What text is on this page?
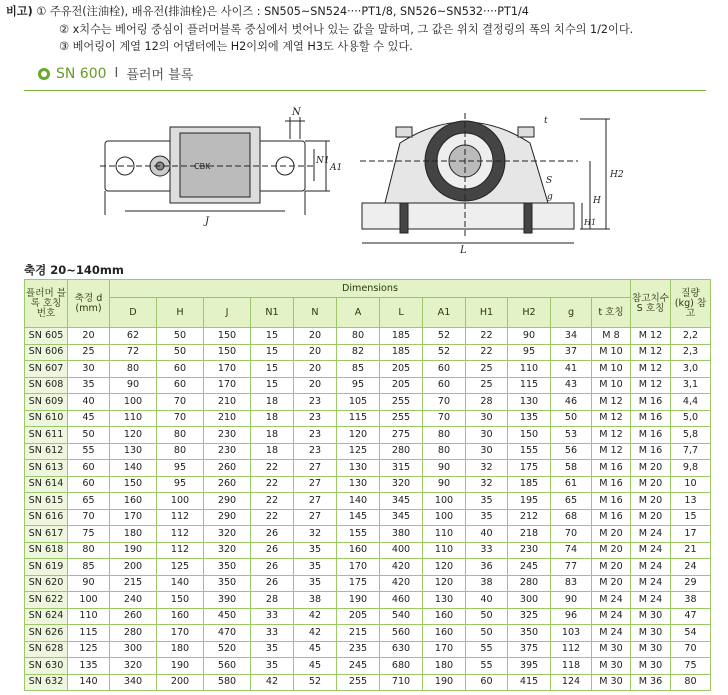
비고) ① 주유전(注油栓), 배유전(排油栓)은 사이즈 : SN505~SN524····PT1/8, SN526~SN532····PT1/4
② x치수는 베어링 중심이 플러머블록 중심에서 벗어나 있는 값을 말하며, 그 값은 위치 결정링의 폭의 치수의 1/2이다.
③ 베어링이 계열 12의 어댑터에는 H2이외에 계열 H3도 사용할 수 있다.
SN 600 I 플러머 블록
CBK
N
N1
A1
J
t
S
H2
H
H1
g
L
축경 20~140mm
플러머 블록 호칭 번호	축경 d (mm)	Dimensions												참고치수 S 호칭	질량 (kg) 참고
		D	H	J	N1	N	A	L	A1	H1	H2	g	t 호칭		
SN 605	20	62	50	150	15	20	80	185	52	22	90	34	M 8	M 12	2,2
SN 606	25	72	50	150	15	20	82	185	52	22	95	37	M 10	M 12	2,3
SN 607	30	80	60	170	15	20	85	205	60	25	110	41	M 10	M 12	3,0
SN 608	35	90	60	170	15	20	95	205	60	25	115	43	M 10	M 12	3,1
SN 609	40	100	70	210	18	23	105	255	70	28	130	46	M 12	M 16	4,4
SN 610	45	110	70	210	18	23	115	255	70	30	135	50	M 12	M 16	5,0
SN 611	50	120	80	230	18	23	120	275	80	30	150	53	M 12	M 16	5,8
SN 612	55	130	80	230	18	23	125	280	80	30	155	56	M 12	M 16	7,7
SN 613	60	140	95	260	22	27	130	315	90	32	175	58	M 16	M 20	9,8
SN 614	60	150	95	260	22	27	130	320	90	32	185	61	M 16	M 20	10
SN 615	65	160	100	290	22	27	140	345	100	35	195	65	M 16	M 20	13
SN 616	70	170	112	290	22	27	145	345	100	35	212	68	M 16	M 20	15
SN 617	75	180	112	320	26	32	155	380	110	40	218	70	M 20	M 24	17
SN 618	80	190	112	320	26	35	160	400	110	33	230	74	M 20	M 24	21
SN 619	85	200	125	350	26	35	170	420	120	36	245	77	M 20	M 24	24
SN 620	90	215	140	350	26	35	175	420	120	38	280	83	M 20	M 24	29
SN 622	100	240	150	390	28	38	190	460	130	40	300	90	M 24	M 24	38
SN 624	110	260	160	450	33	42	205	540	160	50	325	96	M 24	M 30	47
SN 626	115	280	170	470	33	42	215	560	160	50	350	103	M 24	M 30	54
SN 628	125	300	180	520	35	45	235	630	170	55	375	112	M 30	M 30	70
SN 630	135	320	190	560	35	45	245	680	180	55	395	118	M 30	M 30	75
SN 632	140	340	200	580	42	52	255	710	190	60	415	124	M 30	M 36	80
